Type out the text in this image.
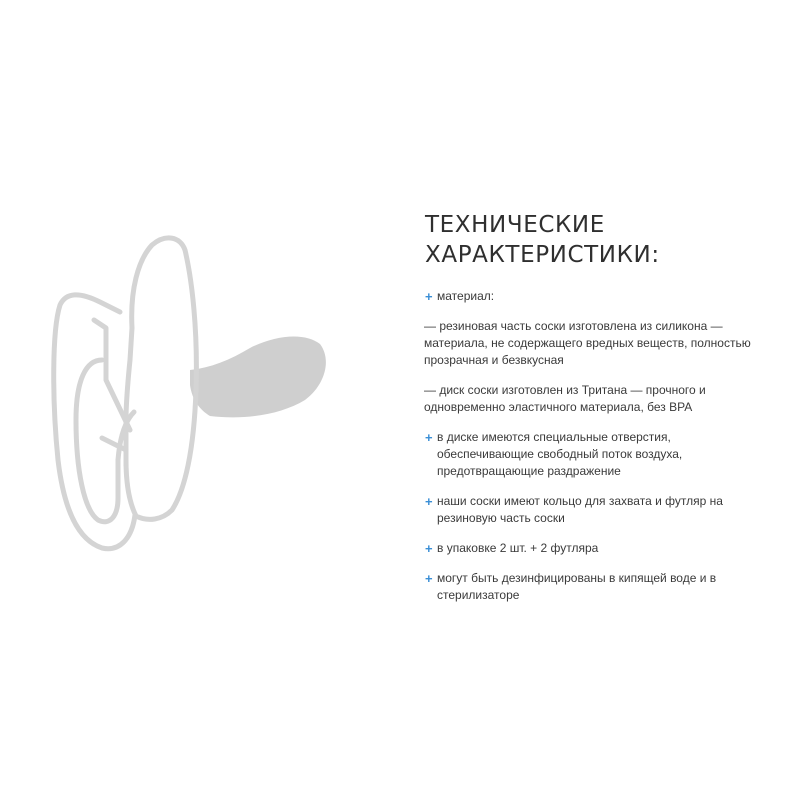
ТЕХНИЧЕСКИЕ
ХАРАКТЕРИСТИКИ:
+ материал:
— резиновая часть соски изготовлена из силикона — материала, не содержащего вредных веществ, полностью прозрачная и безвкусная
— диск соски изготовлен из Тритана — прочного и одновременно эластичного материала, без BPA
+ в диске имеются специальные отверстия, обеспечивающие свободный поток воздуха, предотвращающие раздражение
+ наши соски имеют кольцо для захвата и футляр на резиновую часть соски
+ в упаковке 2 шт. + 2 футляра
+ могут быть дезинфицированы в кипящей воде и в стерилизаторе
